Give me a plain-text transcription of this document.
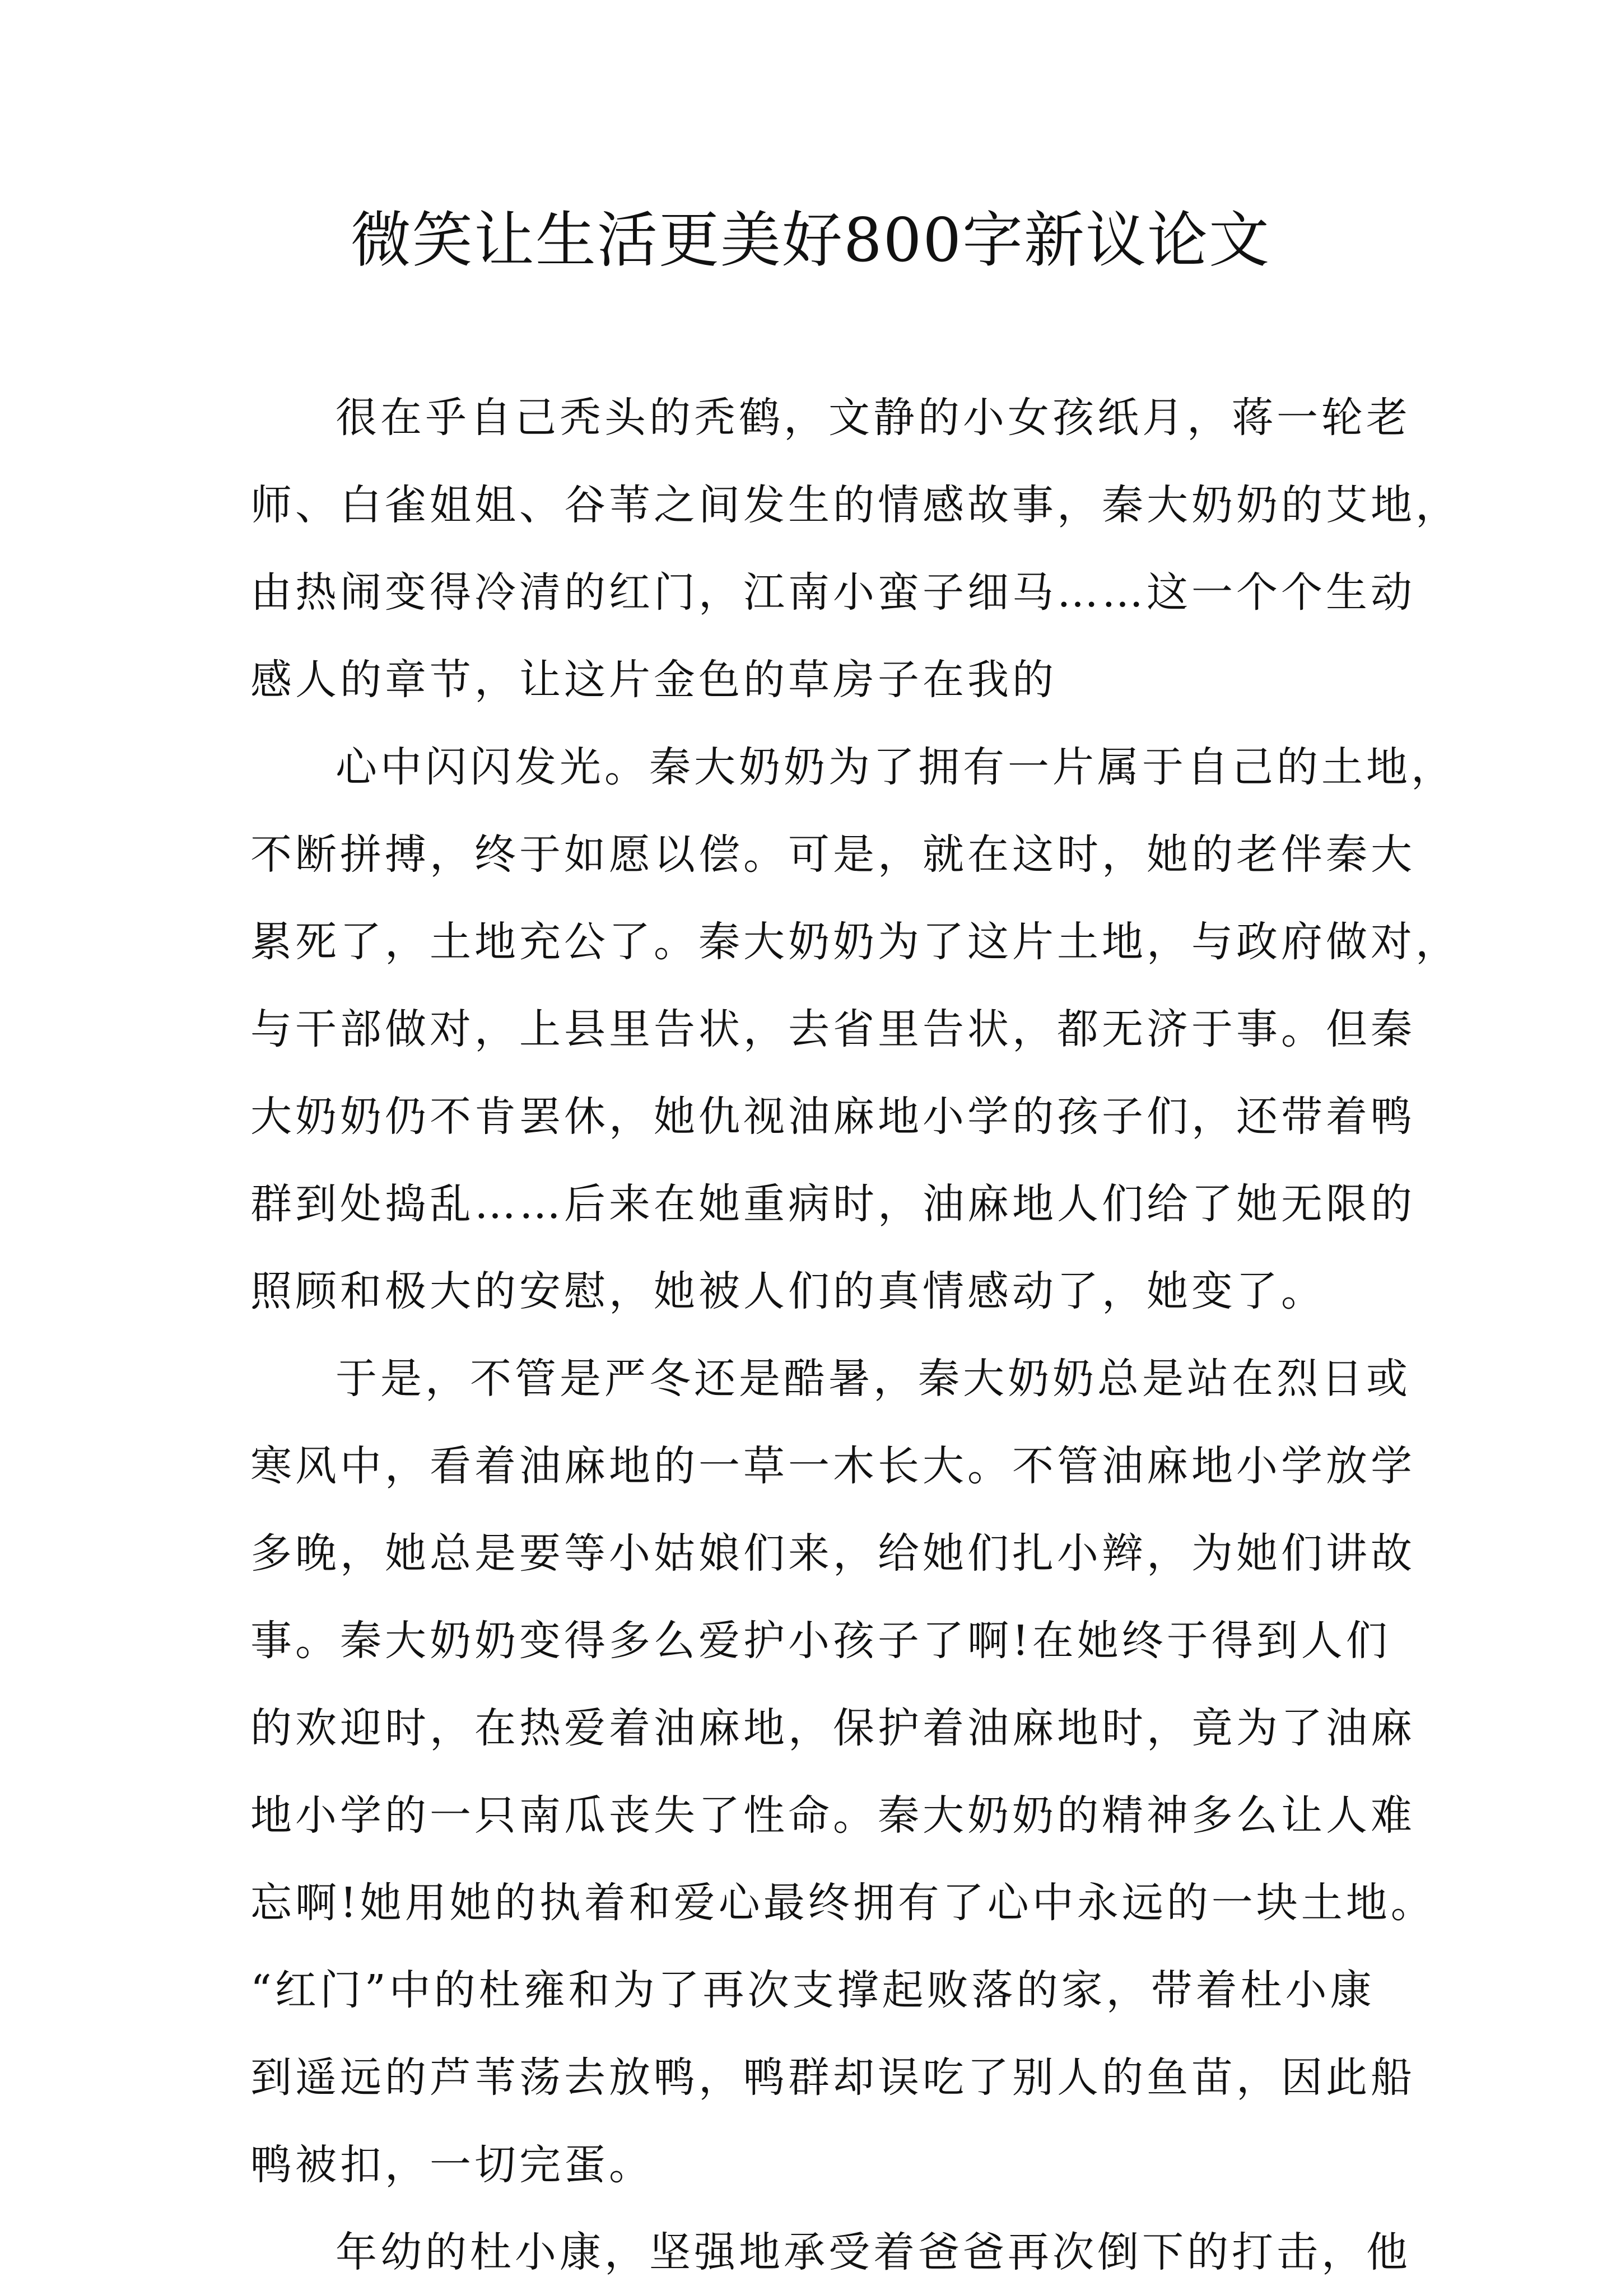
微笑让生活更美好800字新议论文
很在乎自己秃头的秃鹤，文静的小女孩纸月，蒋一轮老
师、白雀姐姐、谷苇之间发生的情感故事，秦大奶奶的艾地，
由热闹变得冷清的红门，江南小蛮子细马……这一个个生动
感人的章节，让这片金色的草房子在我的
心中闪闪发光。秦大奶奶为了拥有一片属于自己的土地，
不断拼搏，终于如愿以偿。可是，就在这时，她的老伴秦大
累死了，土地充公了。秦大奶奶为了这片土地，与政府做对，
与干部做对，上县里告状，去省里告状，都无济于事。但秦
大奶奶仍不肯罢休，她仇视油麻地小学的孩子们，还带着鸭
群到处捣乱……后来在她重病时，油麻地人们给了她无限的
照顾和极大的安慰，她被人们的真情感动了，她变了。
于是，不管是严冬还是酷暑，秦大奶奶总是站在烈日或
寒风中，看着油麻地的一草一木长大。不管油麻地小学放学
多晚，她总是要等小姑娘们来，给她们扎小辫，为她们讲故
事。秦大奶奶变得多么爱护小孩子了啊!在她终于得到人们
的欢迎时，在热爱着油麻地，保护着油麻地时，竟为了油麻
地小学的一只南瓜丧失了性命。秦大奶奶的精神多么让人难
忘啊!她用她的执着和爱心最终拥有了心中永远的一块土地。
“红门”中的杜雍和为了再次支撑起败落的家，带着杜小康
到遥远的芦苇荡去放鸭，鸭群却误吃了别人的鱼苗，因此船
鸭被扣，一切完蛋。
年幼的杜小康，坚强地承受着爸爸再次倒下的打击，他
